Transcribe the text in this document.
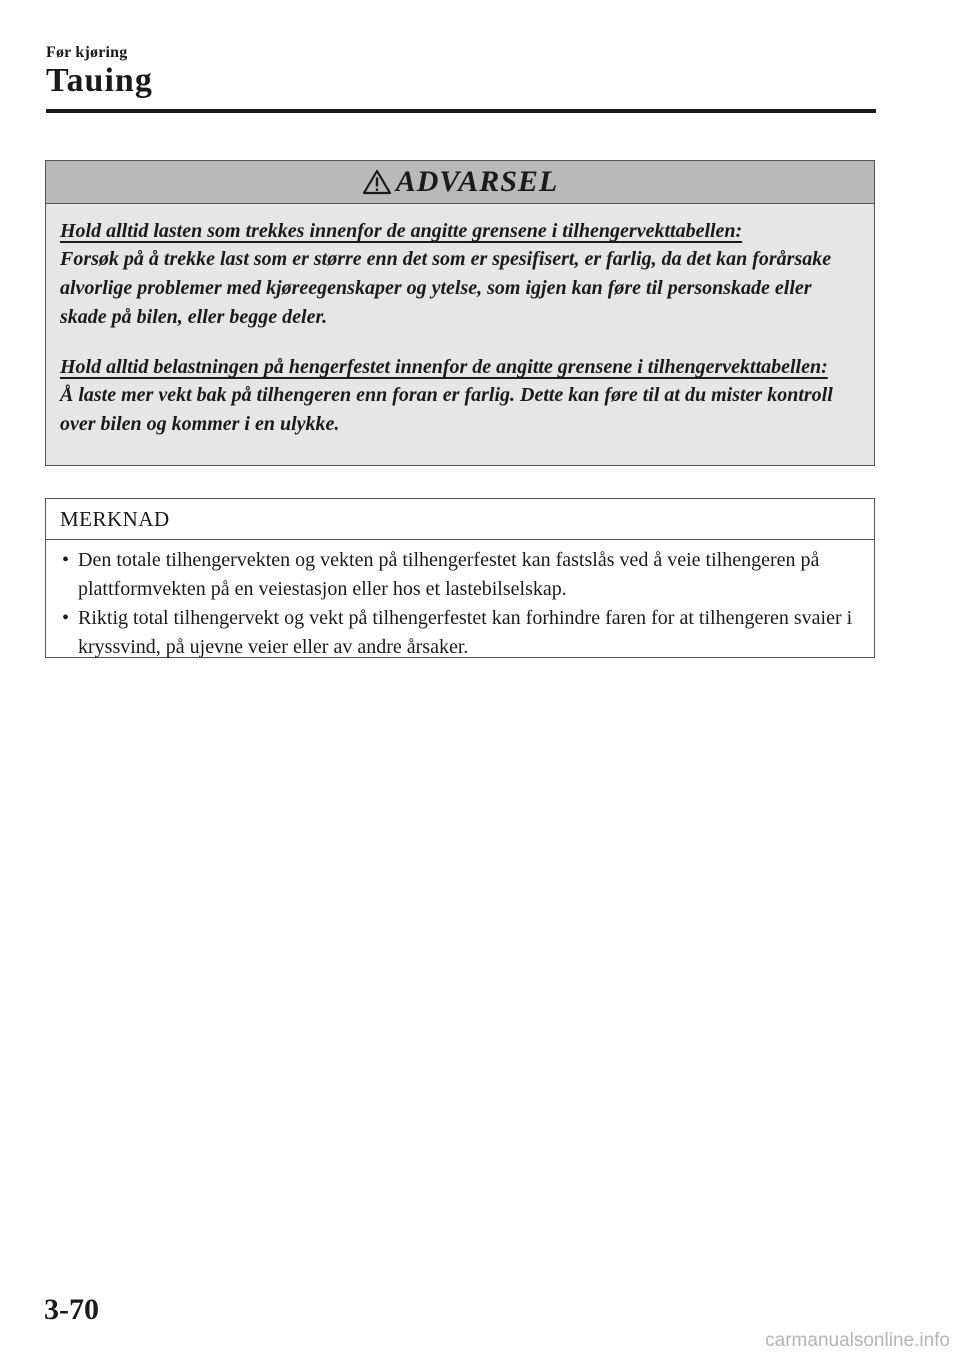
Før kjøring
Tauing
ADVARSEL

Hold alltid lasten som trekkes innenfor de angitte grensene i tilhengervekttabellen:

Forsøk på å trekke last som er større enn det som er spesifisert, er farlig, da det kan forårsake alvorlige problemer med kjøreegenskaper og ytelse, som igjen kan føre til personskade eller skade på bilen, eller begge deler.

Hold alltid belastningen på hengerfestet innenfor de angitte grensene i tilhengervekttabellen:

Å laste mer vekt bak på tilhengeren enn foran er farlig. Dette kan føre til at du mister kontroll over bilen og kommer i en ulykke.

MERKNAD
• Den totale tilhengervekten og vekten på tilhengerfestet kan fastslås ved å veie tilhengeren på plattformvekten på en veiestasjon eller hos et lastebilselskap.
• Riktig total tilhengervekt og vekt på tilhengerfestet kan forhindre faren for at tilhengeren svaier i kryssvind, på ujevne veier eller av andre årsaker.
3-70
carmanualsonline.info
